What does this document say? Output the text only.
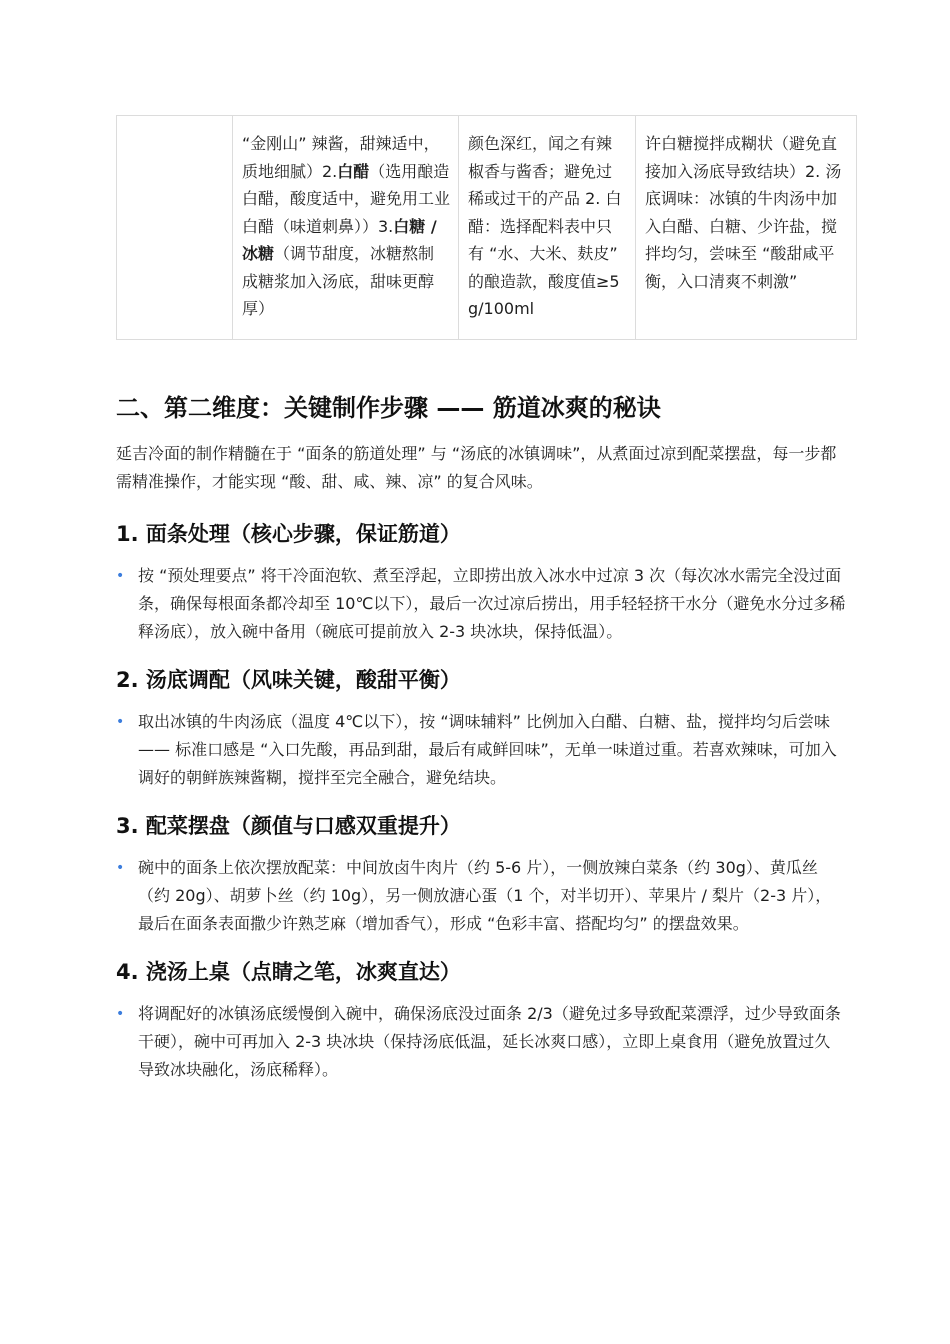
	“金刚山” 辣酱，甜辣适中，质地细腻）2.白醋（选用酿造白醋，酸度适中，避免用工业白醋（味道刺鼻））3.白糖 / 冰糖（调节甜度，冰糖熬制成糖浆加入汤底，甜味更醇厚）	颜色深红，闻之有辣椒香与酱香；避免过稀或过干的产品 2. 白醋：选择配料表中只有 “水、大米、麸皮” 的酿造款，酸度值≥5g/100ml	许白糖搅拌成糊状（避免直接加入汤底导致结块）2. 汤底调味：冰镇的牛肉汤中加入白醋、白糖、少许盐，搅拌均匀，尝味至 “酸甜咸平衡，入口清爽不刺激”
二、第二维度：关键制作步骤 —— 筋道冰爽的秘诀

延吉冷面的制作精髓在于 “面条的筋道处理” 与 “汤底的冰镇调味”，从煮面过凉到配菜摆盘，每一步都需精准操作，才能实现 “酸、甜、咸、辣、凉” 的复合风味。

1. 面条处理（核心步骤，保证筋道）
• 按 “预处理要点” 将干冷面泡软、煮至浮起，立即捞出放入冰水中过凉 3 次（每次冰水需完全没过面条，确保每根面条都冷却至 10℃以下），最后一次过凉后捞出，用手轻轻挤干水分（避免水分过多稀释汤底），放入碗中备用（碗底可提前放入 2-3 块冰块，保持低温）。
2. 汤底调配（风味关键，酸甜平衡）
• 取出冰镇的牛肉汤底（温度 4℃以下），按 “调味辅料” 比例加入白醋、白糖、盐，搅拌均匀后尝味 —— 标准口感是 “入口先酸，再品到甜，最后有咸鲜回味”，无单一味道过重。若喜欢辣味，可加入调好的朝鲜族辣酱糊，搅拌至完全融合，避免结块。
3. 配菜摆盘（颜值与口感双重提升）
• 碗中的面条上依次摆放配菜：中间放卤牛肉片（约 5-6 片），一侧放辣白菜条（约 30g）、黄瓜丝（约 20g）、胡萝卜丝（约 10g），另一侧放溏心蛋（1 个，对半切开）、苹果片 / 梨片（2-3 片），最后在面条表面撒少许熟芝麻（增加香气），形成 “色彩丰富、搭配均匀” 的摆盘效果。
4. 浇汤上桌（点睛之笔，冰爽直达）
• 将调配好的冰镇汤底缓慢倒入碗中，确保汤底没过面条 2/3（避免过多导致配菜漂浮，过少导致面条干硬），碗中可再加入 2-3 块冰块（保持汤底低温，延长冰爽口感），立即上桌食用（避免放置过久导致冰块融化，汤底稀释）。
